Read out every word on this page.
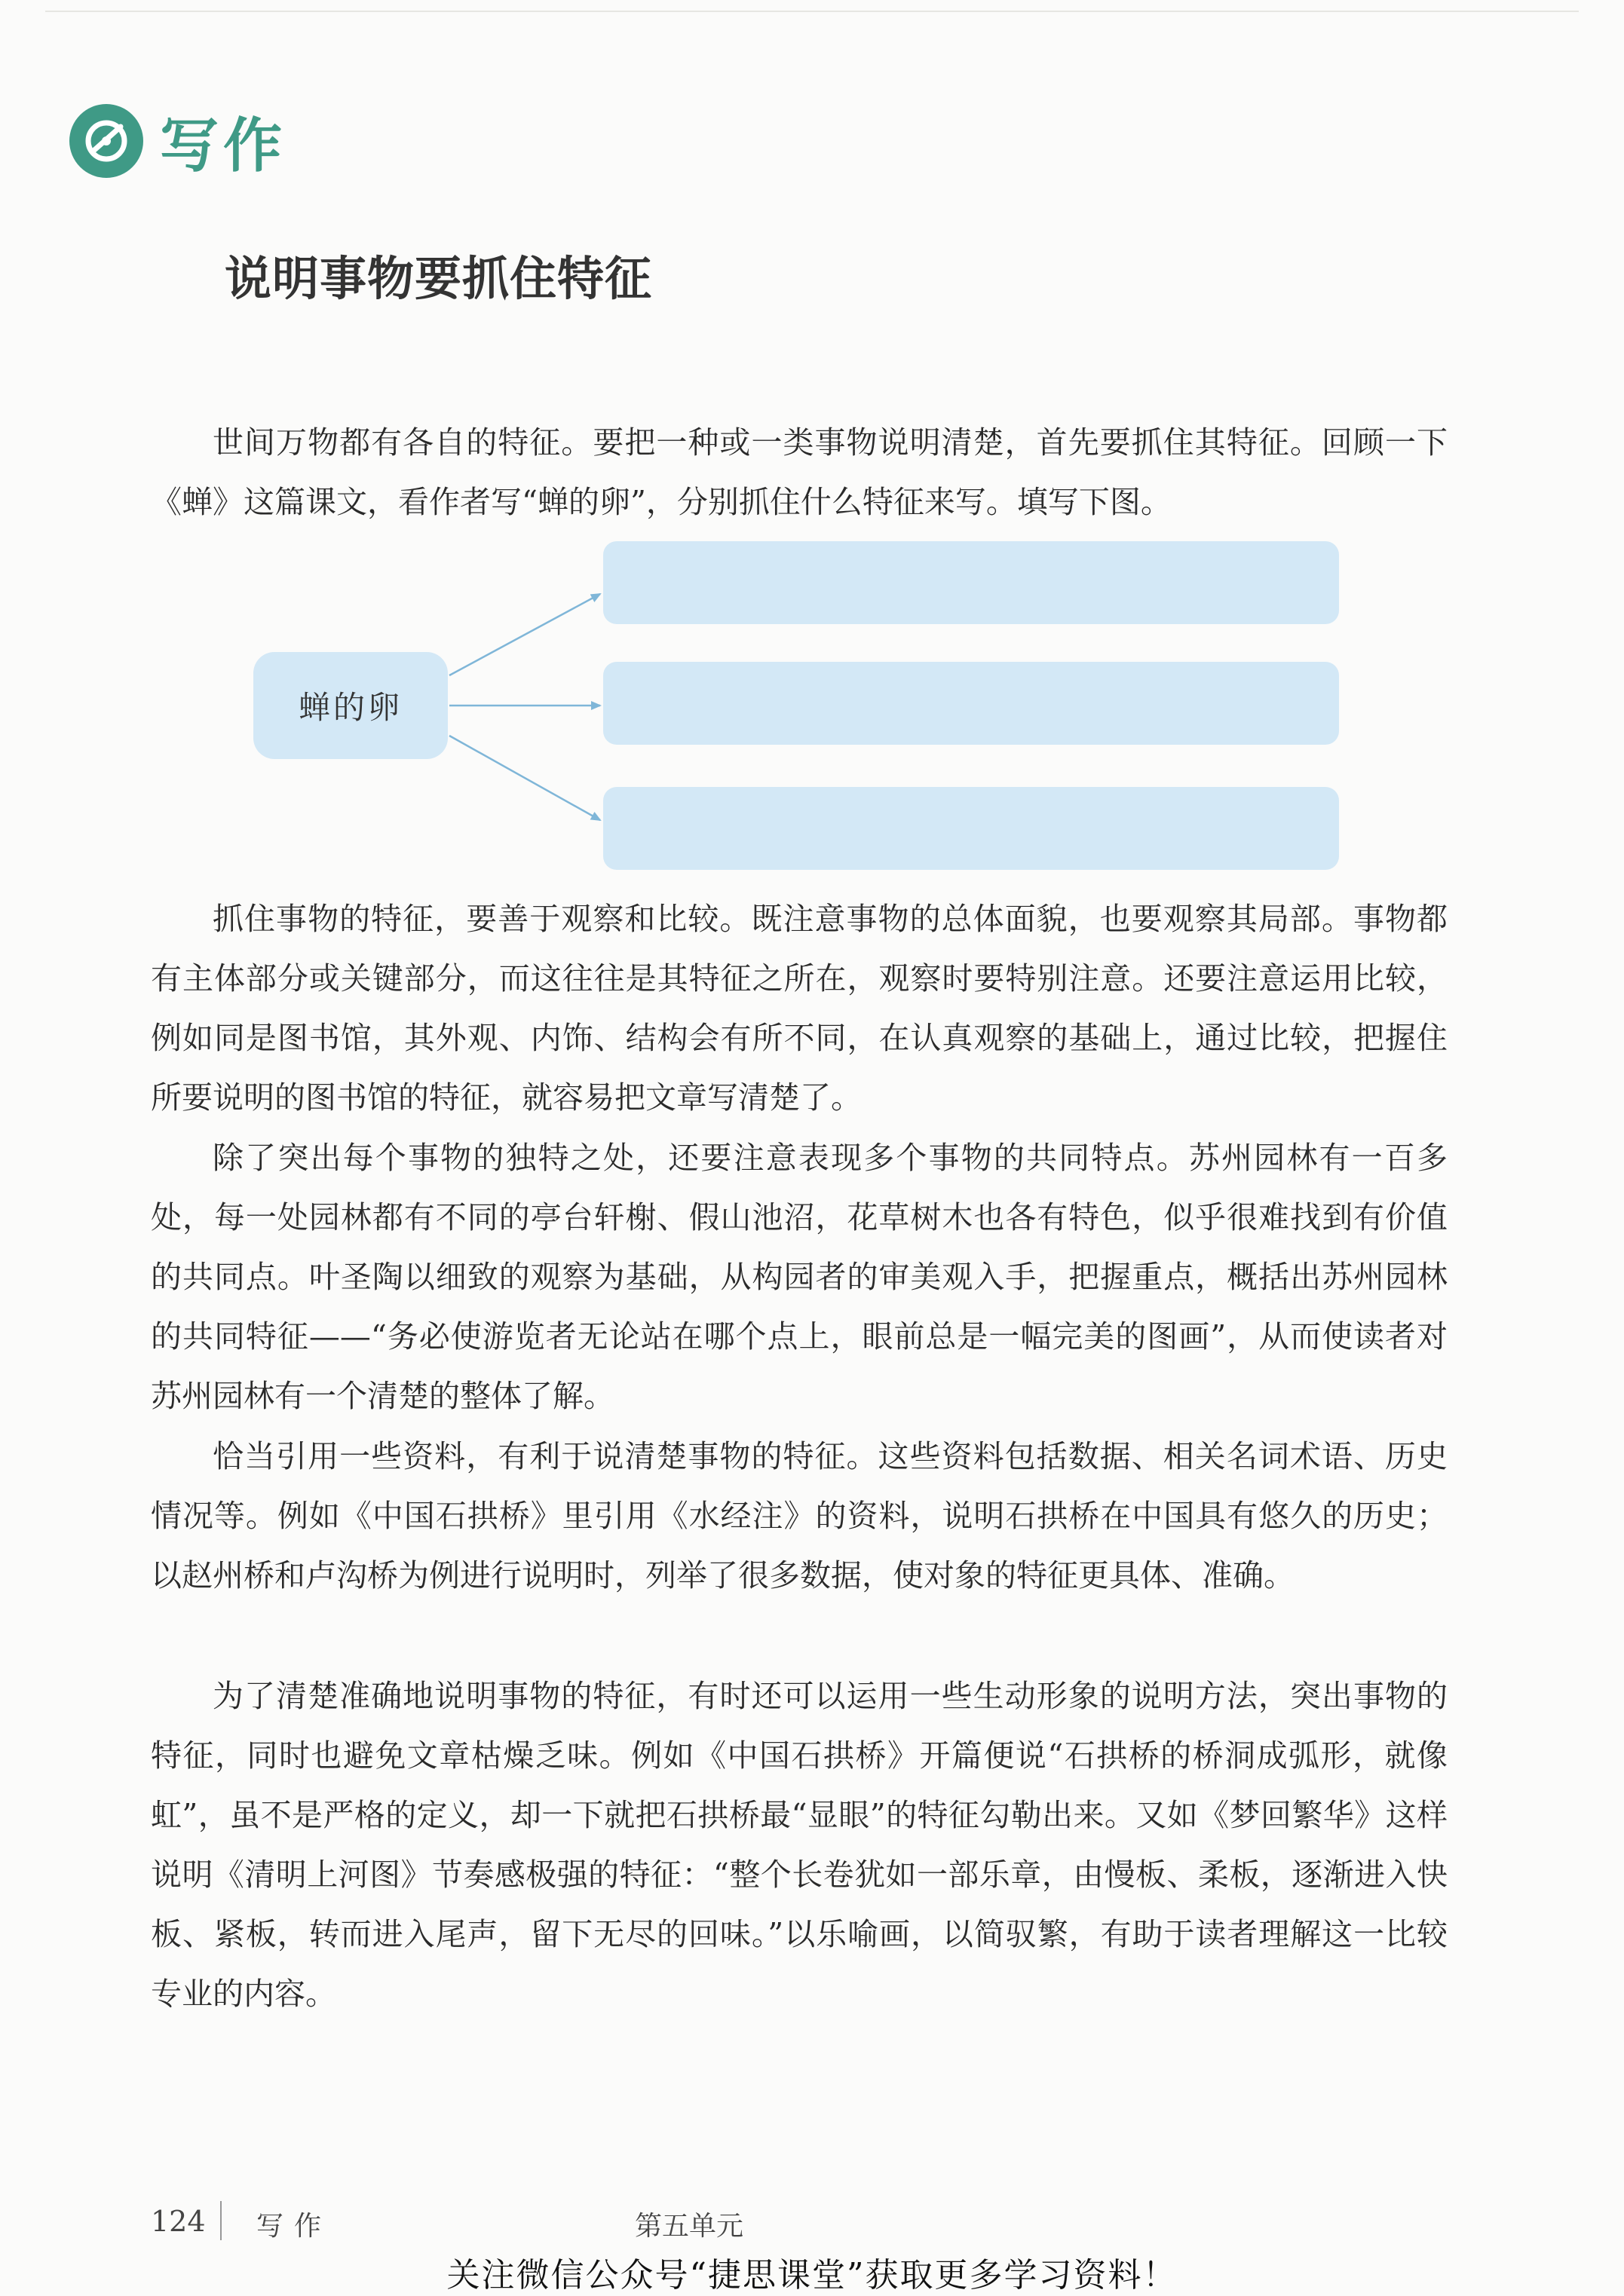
写作
说明事物要抓住特征

世间万物都有各自的特征。要把一种或一类事物说明清楚，首先要抓住其特征。回顾一下《蝉》这篇课文，看作者写“蝉的卵”，分别抓住什么特征来写。填写下图。

蝉的卵

抓住事物的特征，要善于观察和比较。既注意事物的总体面貌，也要观察其局部。事物都有主体部分或关键部分，而这往往是其特征之所在，观察时要特别注意。还要注意运用比较，例如同是图书馆，其外观、内饰、结构会有所不同，在认真观察的基础上，通过比较，把握住所要说明的图书馆的特征，就容易把文章写清楚了。

除了突出每个事物的独特之处，还要注意表现多个事物的共同特点。苏州园林有一百多处，每一处园林都有不同的亭台轩榭、假山池沼，花草树木也各有特色，似乎很难找到有价值的共同点。叶圣陶以细致的观察为基础，从构园者的审美观入手，把握重点，概括出苏州园林的共同特征——“务必使游览者无论站在哪个点上，眼前总是一幅完美的图画”，从而使读者对苏州园林有一个清楚的整体了解。

恰当引用一些资料，有利于说清楚事物的特征。这些资料包括数据、相关名词术语、历史情况等。例如《中国石拱桥》里引用《水经注》的资料，说明石拱桥在中国具有悠久的历史；以赵州桥和卢沟桥为例进行说明时，列举了很多数据，使对象的特征更具体、准确。

为了清楚准确地说明事物的特征，有时还可以运用一些生动形象的说明方法，突出事物的特征，同时也避免文章枯燥乏味。例如《中国石拱桥》开篇便说“石拱桥的桥洞成弧形，就像虹”，虽不是严格的定义，却一下就把石拱桥最“显眼”的特征勾勒出来。又如《梦回繁华》这样说明《清明上河图》节奏感极强的特征：“整个长卷犹如一部乐章，由慢板、柔板，逐渐进入快板、紧板，转而进入尾声，留下无尽的回味。”以乐喻画，以简驭繁，有助于读者理解这一比较专业的内容。

124 写作	第五单元
关注微信公众号“捷思课堂”获取更多学习资料！
